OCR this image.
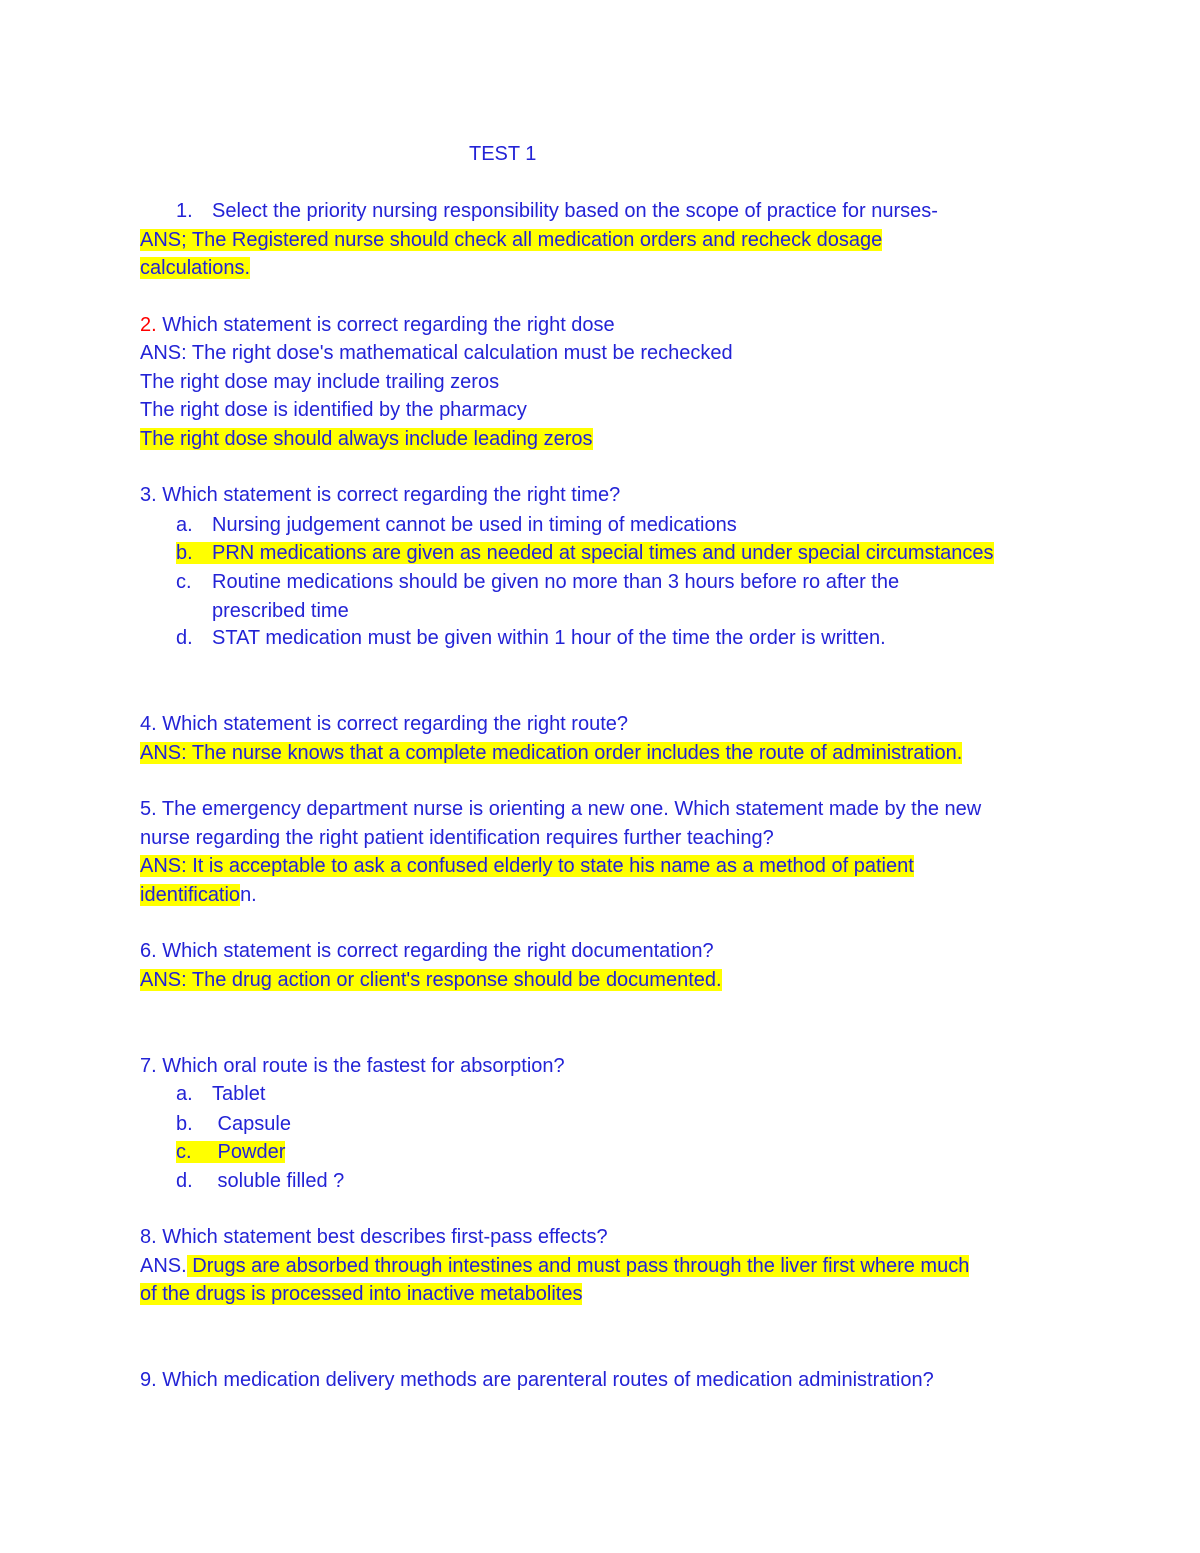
TEST 1
1. Select the priority nursing responsibility based on the scope of practice for nurses-
ANS; The Registered nurse should check all medication orders and recheck dosage
calculations.
2. Which statement is correct regarding the right dose
ANS: The right dose's mathematical calculation must be rechecked
The right dose may include trailing zeros
The right dose is identified by the pharmacy
The right dose should always include leading zeros
3. Which statement is correct regarding the right time?
a. Nursing judgement cannot be used in timing of medications
b. PRN medications are given as needed at special times and under special circumstances
c. Routine medications should be given no more than 3 hours before ro after the
prescribed time
d. STAT medication must be given within 1 hour of the time the order is written.
4. Which statement is correct regarding the right route?
ANS: The nurse knows that a complete medication order includes the route of administration.
5. The emergency department nurse is orienting a new one. Which statement made by the new
nurse regarding the right patient identification requires further teaching?
ANS: It is acceptable to ask a confused elderly to state his name as a method of patient
identification.
6. Which statement is correct regarding the right documentation?
ANS: The drug action or client's response should be documented.
7. Which oral route is the fastest for absorption?
a. Tablet
b. Capsule
c. Powder
d. soluble filled ?
8. Which statement best describes first-pass effects?
ANS. Drugs are absorbed through intestines and must pass through the liver first where much
of the drugs is processed into inactive metabolites
9. Which medication delivery methods are parenteral routes of medication administration?
